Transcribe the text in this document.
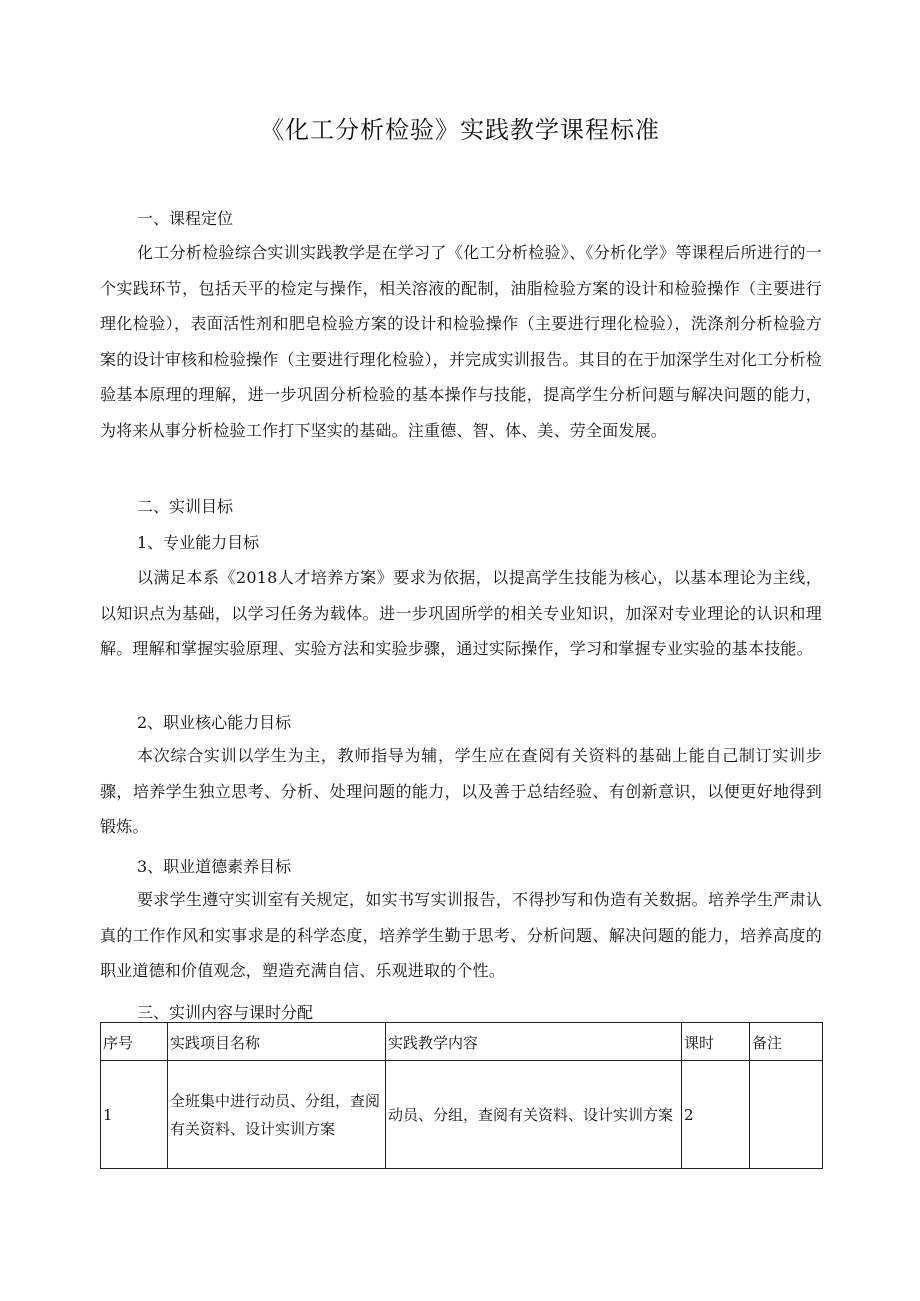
《化工分析检验》实践教学课程标准
一、课程定位
化工分析检验综合实训实践教学是在学习了《化工分析检验》、《分析化学》等课程后所进行的一个实践环节，包括天平的检定与操作，相关溶液的配制，油脂检验方案的设计和检验操作（主要进行理化检验），表面活性剂和肥皂检验方案的设计和检验操作（主要进行理化检验），洗涤剂分析检验方案的设计审核和检验操作（主要进行理化检验），并完成实训报告。其目的在于加深学生对化工分析检验基本原理的理解，进一步巩固分析检验的基本操作与技能，提高学生分析问题与解决问题的能力，为将来从事分析检验工作打下坚实的基础。注重德、智、体、美、劳全面发展。
二、实训目标
1、专业能力目标
以满足本系《2018人才培养方案》要求为依据，以提高学生技能为核心，以基本理论为主线，以知识点为基础，以学习任务为载体。进一步巩固所学的相关专业知识，加深对专业理论的认识和理解。理解和掌握实验原理、实验方法和实验步骤，通过实际操作，学习和掌握专业实验的基本技能。
2、职业核心能力目标
本次综合实训以学生为主，教师指导为辅，学生应在查阅有关资料的基础上能自己制订实训步骤，培养学生独立思考、分析、处理问题的能力，以及善于总结经验、有创新意识，以便更好地得到锻炼。
3、职业道德素养目标
要求学生遵守实训室有关规定，如实书写实训报告，不得抄写和伪造有关数据。培养学生严肃认真的工作作风和实事求是的科学态度，培养学生勤于思考、分析问题、解决问题的能力，培养高度的职业道德和价值观念，塑造充满自信、乐观进取的个性。
三、实训内容与课时分配
序号	实践项目名称	实践教学内容	课时	备注
1	全班集中进行动员、分组，查阅有关资料、设计实训方案	动员、分组，查阅有关资料、设计实训方案	2	
